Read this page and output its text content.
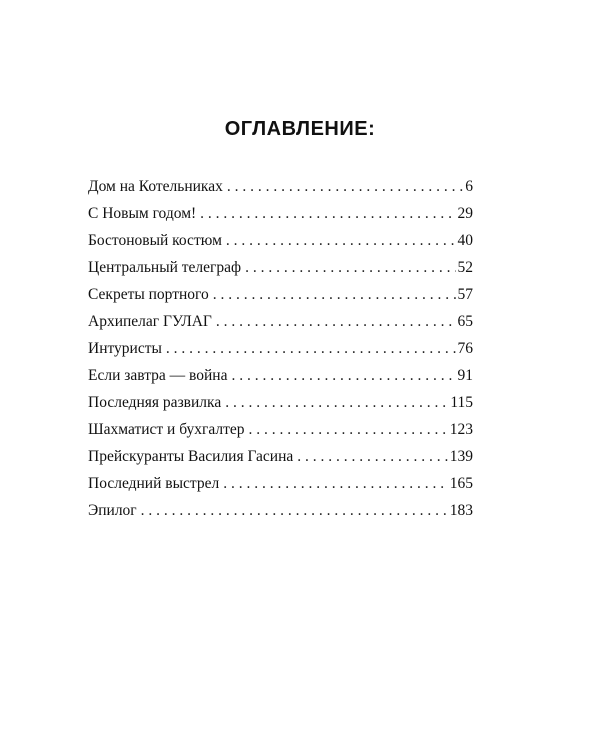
ОГЛАВЛЕНИЕ:
Дом на Котельниках . . .	6
С Новым годом! . . .	29
Бостоновый костюм . . .	40
Центральный телеграф . . .	52
Секреты портного . . .	57
Архипелаг ГУЛАГ . . .	65
Интуристы . . .	76
Если завтра — война . . .	91
Последняя развилка . . .	115
Шахматист и бухгалтер . . .	123
Прейскуранты Василия Гасина . . .	139
Последний выстрел . . .	165
Эпилог . . .	183
